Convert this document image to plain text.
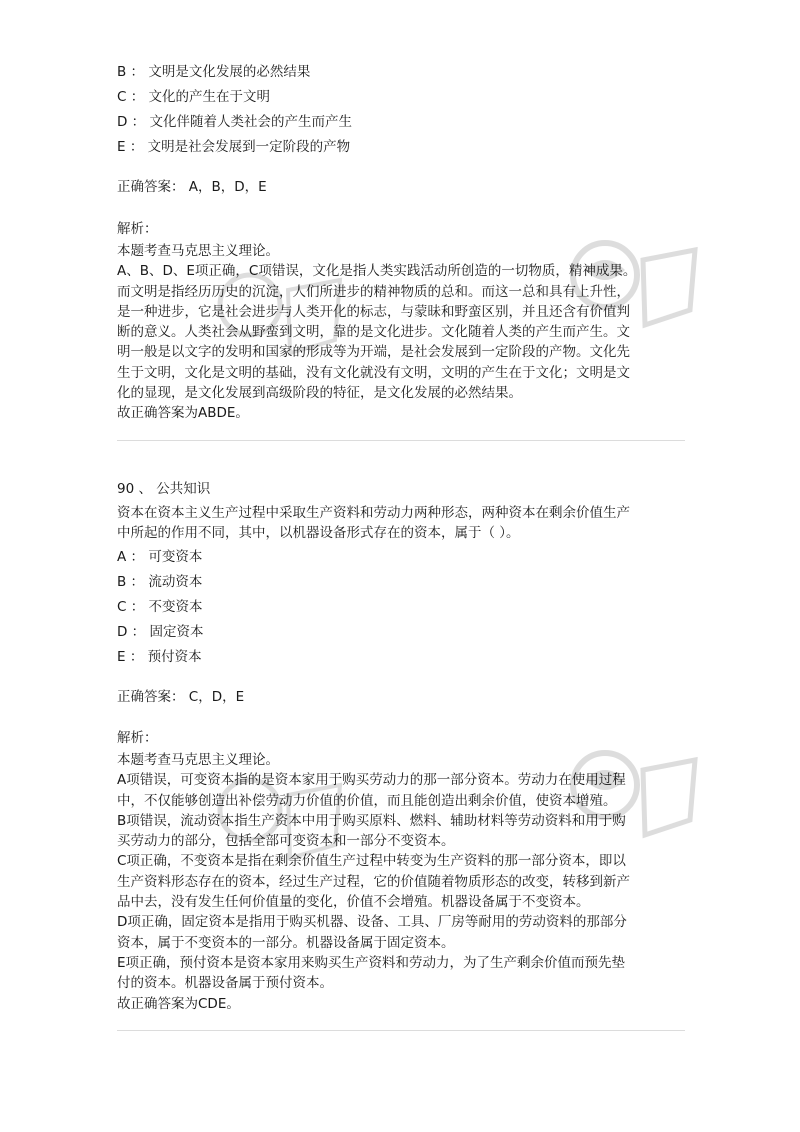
B ： 文明是文化发展的必然结果
C ： 文化的产生在于文明
D ： 文化伴随着人类社会的产生而产生
E ： 文明是社会发展到一定阶段的产物
正确答案： A，B，D，E
解析：
本题考查马克思主义理论。
A、B、D、E项正确，C项错误，文化是指人类实践活动所创造的一切物质，精神成果。
而文明是指经历历史的沉淀，人们所进步的精神物质的总和。而这一总和具有上升性，
是一种进步，它是社会进步与人类开化的标志，与蒙昧和野蛮区别，并且还含有价值判
断的意义。人类社会从野蛮到文明，靠的是文化进步。文化随着人类的产生而产生。文
明一般是以文字的发明和国家的形成等为开端，是社会发展到一定阶段的产物。文化先
生于文明，文化是文明的基础，没有文化就没有文明，文明的产生在于文化；文明是文
化的显现，是文化发展到高级阶段的特征，是文化发展的必然结果。
故正确答案为ABDE。
90 、 公共知识
资本在资本主义生产过程中采取生产资料和劳动力两种形态，两种资本在剩余价值生产
中所起的作用不同，其中，以机器设备形式存在的资本，属于（ ）。
A ： 可变资本
B ： 流动资本
C ： 不变资本
D ： 固定资本
E ： 预付资本
正确答案： C，D，E
解析：
本题考查马克思主义理论。
A项错误，可变资本指的是资本家用于购买劳动力的那一部分资本。劳动力在使用过程
中，不仅能够创造出补偿劳动力价值的价值，而且能创造出剩余价值，使资本增殖。
B项错误，流动资本指生产资本中用于购买原料、燃料、辅助材料等劳动资料和用于购
买劳动力的部分，包括全部可变资本和一部分不变资本。
C项正确，不变资本是指在剩余价值生产过程中转变为生产资料的那一部分资本，即以
生产资料形态存在的资本，经过生产过程，它的价值随着物质形态的改变，转移到新产
品中去，没有发生任何价值量的变化，价值不会增殖。机器设备属于不变资本。
D项正确，固定资本是指用于购买机器、设备、工具、厂房等耐用的劳动资料的那部分
资本，属于不变资本的一部分。机器设备属于固定资本。
E项正确，预付资本是资本家用来购买生产资料和劳动力，为了生产剩余价值而预先垫
付的资本。机器设备属于预付资本。
故正确答案为CDE。
